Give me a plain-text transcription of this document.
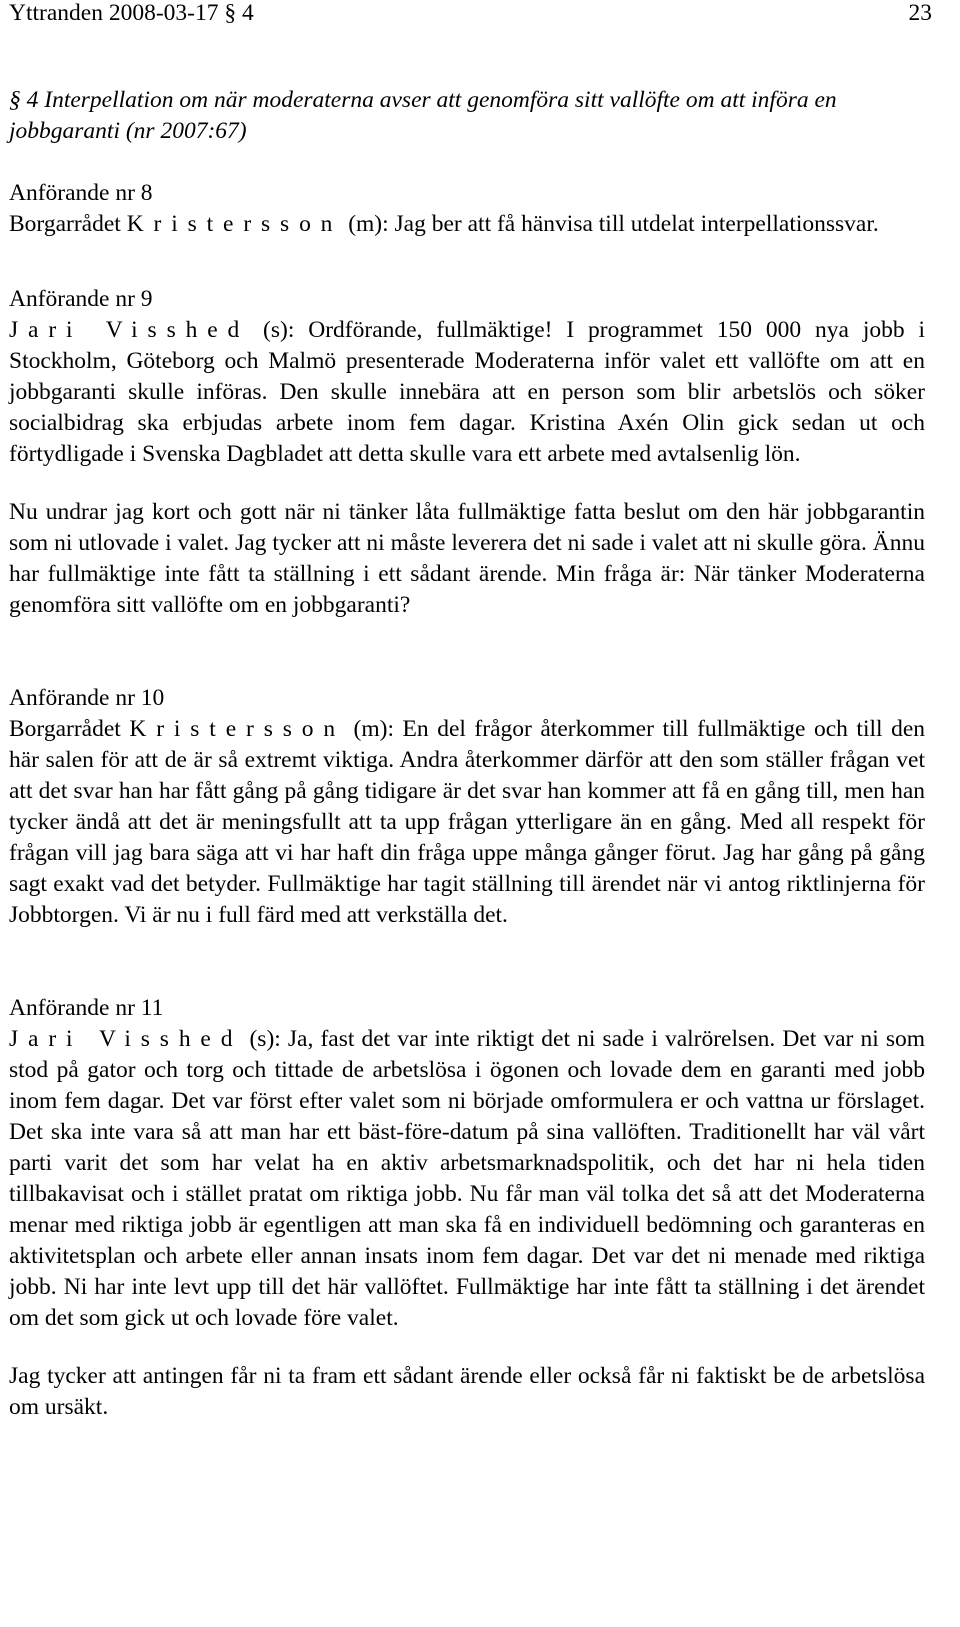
Yttranden 2008-03-17 § 4	23
§ 4 Interpellation om när moderaterna avser att genomföra sitt vallöfte om att införa en jobbgaranti (nr 2007:67)
Anförande nr 8

Borgarrådet Kristersson (m): Jag ber att få hänvisa till utdelat interpellationssvar.

Anförande nr 9

Jari Visshed (s): Ordförande, fullmäktige! I programmet 150 000 nya jobb i Stockholm, Göteborg och Malmö presenterade Moderaterna inför valet ett vallöfte om att en jobbgaranti skulle införas. Den skulle innebära att en person som blir arbetslös och söker socialbidrag ska erbjudas arbete inom fem dagar. Kristina Axén Olin gick sedan ut och förtydligade i Svenska Dagbladet att detta skulle vara ett arbete med avtalsenlig lön.

Nu undrar jag kort och gott när ni tänker låta fullmäktige fatta beslut om den här jobbgarantin som ni utlovade i valet. Jag tycker att ni måste leverera det ni sade i valet att ni skulle göra. Ännu har fullmäktige inte fått ta ställning i ett sådant ärende. Min fråga är: När tänker Moderaterna genomföra sitt vallöfte om en jobbgaranti?

Anförande nr 10

Borgarrådet Kristersson (m): En del frågor återkommer till fullmäktige och till den här salen för att de är så extremt viktiga. Andra återkommer därför att den som ställer frågan vet att det svar han har fått gång på gång tidigare är det svar han kommer att få en gång till, men han tycker ändå att det är meningsfullt att ta upp frågan ytterligare än en gång. Med all respekt för frågan vill jag bara säga att vi har haft din fråga uppe många gånger förut. Jag har gång på gång sagt exakt vad det betyder. Fullmäktige har tagit ställning till ärendet när vi antog riktlinjerna för Jobbtorgen. Vi är nu i full färd med att verkställa det.

Anförande nr 11

Jari Visshed (s): Ja, fast det var inte riktigt det ni sade i valrörelsen. Det var ni som stod på gator och torg och tittade de arbetslösa i ögonen och lovade dem en garanti med jobb inom fem dagar. Det var först efter valet som ni började omformulera er och vattna ur förslaget. Det ska inte vara så att man har ett bäst-före-datum på sina vallöften. Traditionellt har väl vårt parti varit det som har velat ha en aktiv arbetsmarknadspolitik, och det har ni hela tiden tillbakavisat och i stället pratat om riktiga jobb. Nu får man väl tolka det så att det Moderaterna menar med riktiga jobb är egentligen att man ska få en individuell bedömning och garanteras en aktivitetsplan och arbete eller annan insats inom fem dagar. Det var det ni menade med riktiga jobb. Ni har inte levt upp till det här vallöftet. Fullmäktige har inte fått ta ställning i det ärendet om det som gick ut och lovade före valet.

Jag tycker att antingen får ni ta fram ett sådant ärende eller också får ni faktiskt be de arbetslösa om ursäkt.
